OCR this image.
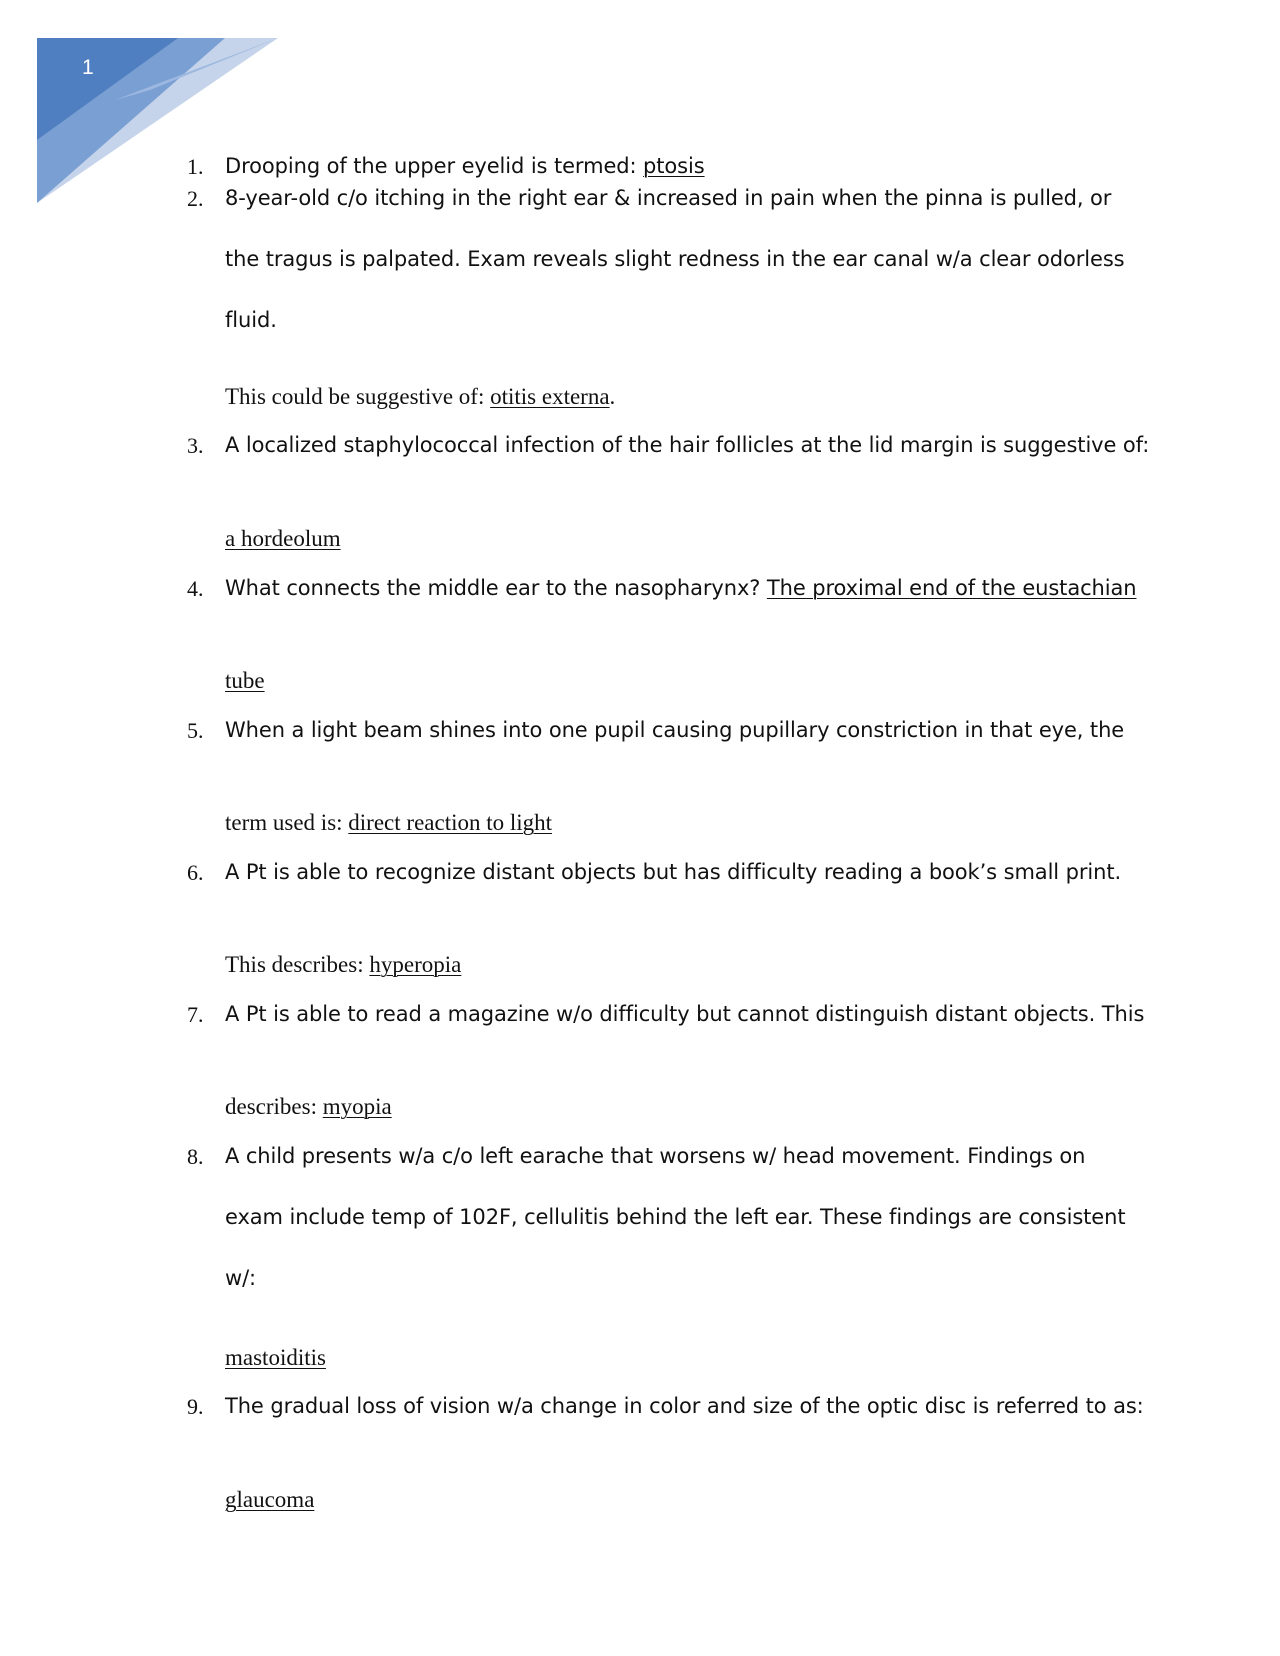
1
1. Drooping of the upper eyelid is termed: ptosis
2. 8-year-old c/o itching in the right ear & increased in pain when the pinna is pulled, or
the tragus is palpated. Exam reveals slight redness in the ear canal w/a clear odorless
fluid.
This could be suggestive of: otitis externa.
3. A localized staphylococcal infection of the hair follicles at the lid margin is suggestive of:
a hordeolum
4. What connects the middle ear to the nasopharynx? The proximal end of the eustachian
tube
5. When a light beam shines into one pupil causing pupillary constriction in that eye, the
term used is: direct reaction to light
6. A Pt is able to recognize distant objects but has difficulty reading a book’s small print.
This describes: hyperopia
7. A Pt is able to read a magazine w/o difficulty but cannot distinguish distant objects. This
describes: myopia
8. A child presents w/a c/o left earache that worsens w/ head movement. Findings on
exam include temp of 102F, cellulitis behind the left ear. These findings are consistent
w/:
mastoiditis
9. The gradual loss of vision w/a change in color and size of the optic disc is referred to as:
glaucoma
